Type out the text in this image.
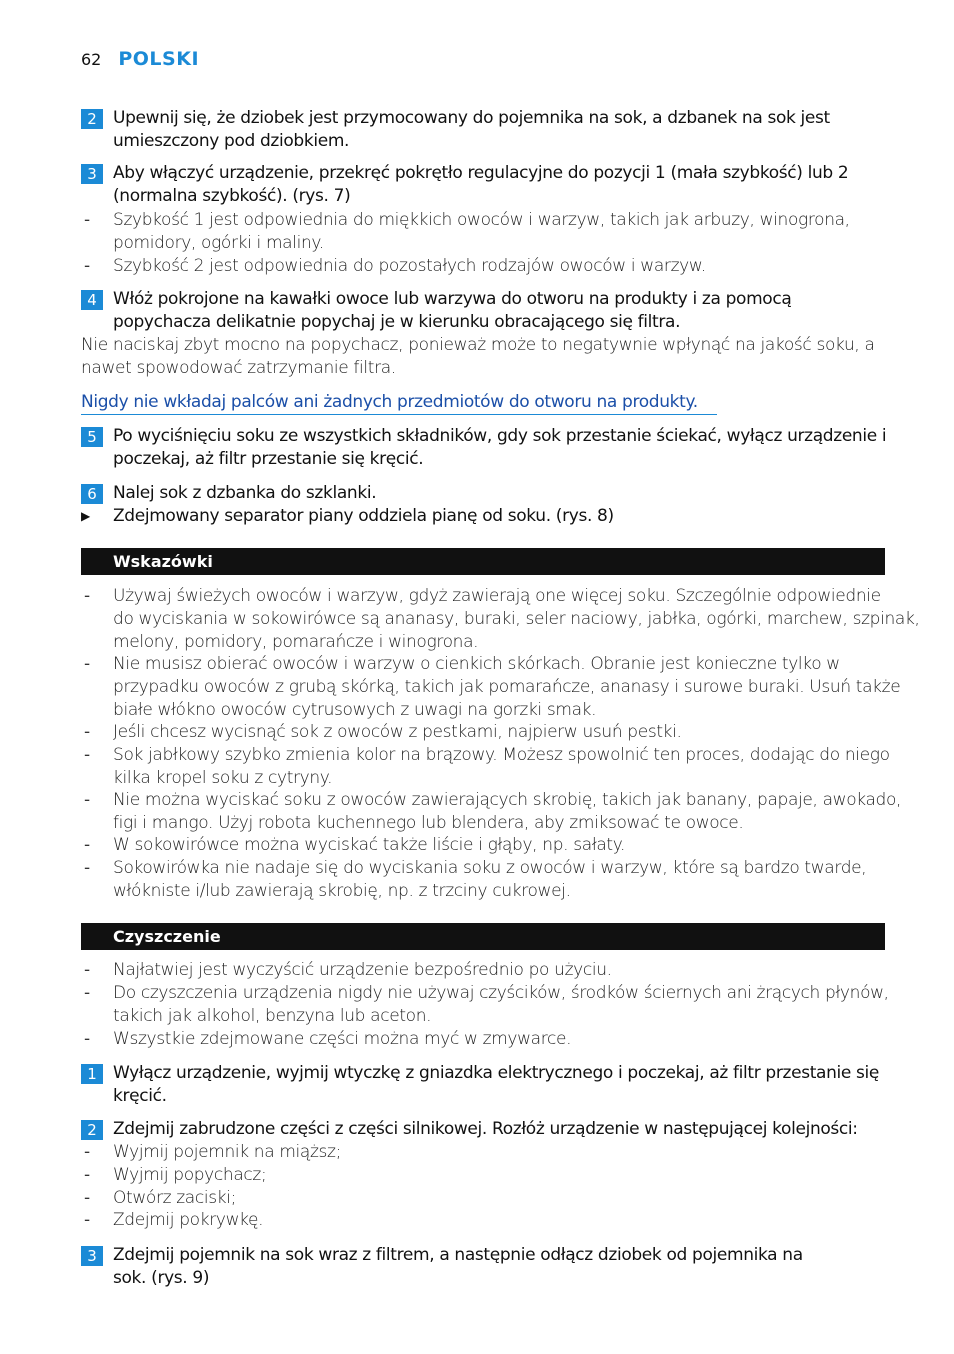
62 POLSKI
2 Upewnij się, że dziobek jest przymocowany do pojemnika na sok, a dzbanek na sok jest
umieszczony pod dziobkiem.
3 Aby włączyć urządzenie, przekręć pokrętło regulacyjne do pozycji 1 (mała szybkość) lub 2
(normalna szybkość). (rys. 7)
- Szybkość 1 jest odpowiednia do miękkich owoców i warzyw, takich jak arbuzy, winogrona,
pomidory, ogórki i maliny.
- Szybkość 2 jest odpowiednia do pozostałych rodzajów owoców i warzyw.
4 Włóż pokrojone na kawałki owoce lub warzywa do otworu na produkty i za pomocą
popychacza delikatnie popychaj je w kierunku obracającego się filtra.
Nie naciskaj zbyt mocno na popychacz, ponieważ może to negatywnie wpłynąć na jakość soku, a
nawet spowodować zatrzymanie filtra.
Nigdy nie wkładaj palców ani żadnych przedmiotów do otworu na produkty.
5 Po wyciśnięciu soku ze wszystkich składników, gdy sok przestanie ściekać, wyłącz urządzenie i
poczekaj, aż filtr przestanie się kręcić.
6 Nalej sok z dzbanka do szklanki.
▶ Zdejmowany separator piany oddziela pianę od soku. (rys. 8)
Wskazówki
- Używaj świeżych owoców i warzyw, gdyż zawierają one więcej soku. Szczególnie odpowiednie
do wyciskania w sokowirówce są ananasy, buraki, seler naciowy, jabłka, ogórki, marchew, szpinak,
melony, pomidory, pomarańcze i winogrona.
- Nie musisz obierać owoców i warzyw o cienkich skórkach. Obranie jest konieczne tylko w
przypadku owoców z grubą skórką, takich jak pomarańcze, ananasy i surowe buraki. Usuń także
białe włókno owoców cytrusowych z uwagi na gorzki smak.
- Jeśli chcesz wycisnąć sok z owoców z pestkami, najpierw usuń pestki.
- Sok jabłkowy szybko zmienia kolor na brązowy. Możesz spowolnić ten proces, dodając do niego
kilka kropel soku z cytryny.
- Nie można wyciskać soku z owoców zawierających skrobię, takich jak banany, papaje, awokado,
figi i mango. Użyj robota kuchennego lub blendera, aby zmiksować te owoce.
- W sokowirówce można wyciskać także liście i głąby, np. sałaty.
- Sokowirówka nie nadaje się do wyciskania soku z owoców i warzyw, które są bardzo twarde,
włókniste i/lub zawierają skrobię, np. z trzciny cukrowej.
Czyszczenie
- Najłatwiej jest wyczyścić urządzenie bezpośrednio po użyciu.
- Do czyszczenia urządzenia nigdy nie używaj czyścików, środków ściernych ani żrących płynów,
takich jak alkohol, benzyna lub aceton.
- Wszystkie zdejmowane części można myć w zmywarce.
1 Wyłącz urządzenie, wyjmij wtyczkę z gniazdka elektrycznego i poczekaj, aż filtr przestanie się
kręcić.
2 Zdejmij zabrudzone części z części silnikowej. Rozłóż urządzenie w następującej kolejności:
- Wyjmij pojemnik na miąższ;
- Wyjmij popychacz;
- Otwórz zaciski;
- Zdejmij pokrywkę.
3 Zdejmij pojemnik na sok wraz z filtrem, a następnie odłącz dziobek od pojemnika na
sok. (rys. 9)
